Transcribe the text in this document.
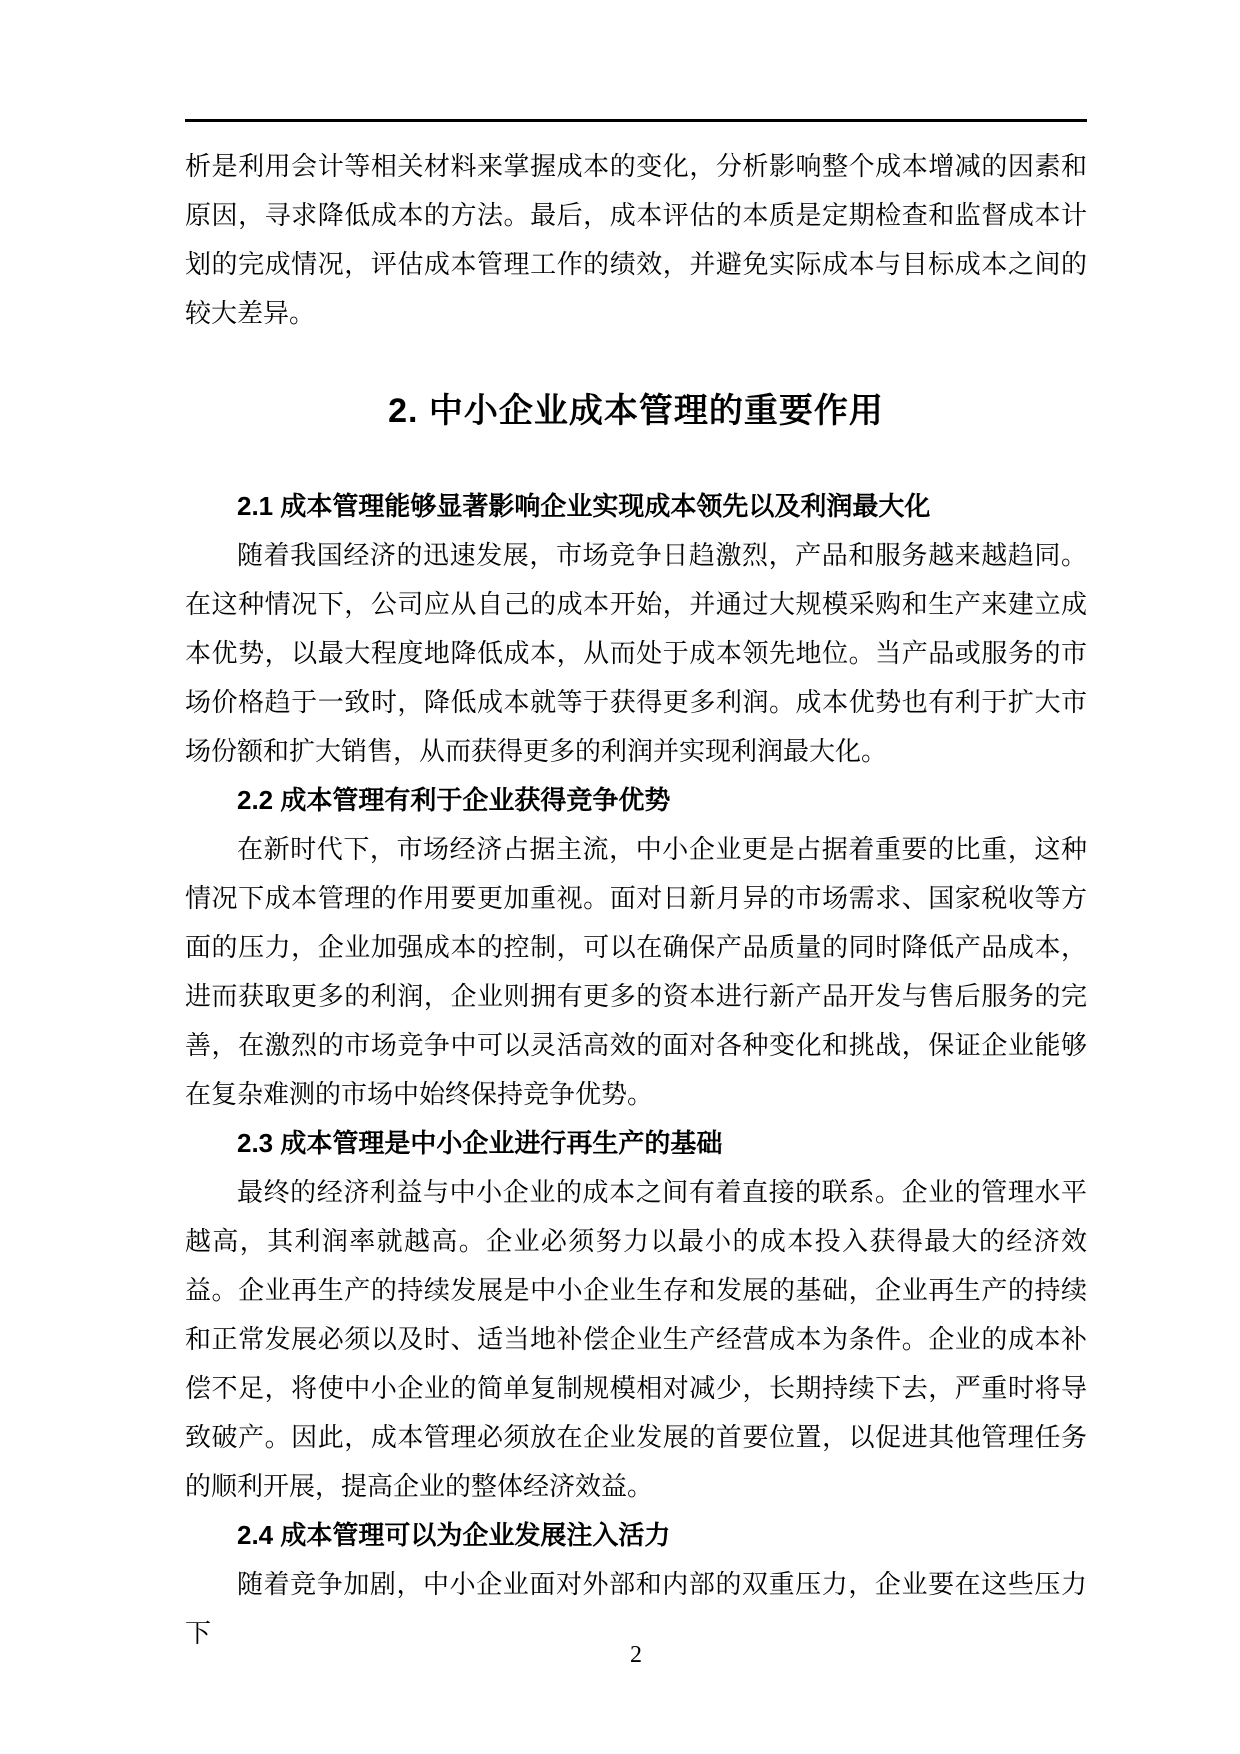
析是利用会计等相关材料来掌握成本的变化，分析影响整个成本增减的因素和原因，寻求降低成本的方法。最后，成本评估的本质是定期检查和监督成本计划的完成情况，评估成本管理工作的绩效，并避免实际成本与目标成本之间的较大差异。

2. 中小企业成本管理的重要作用
2.1 成本管理能够显著影响企业实现成本领先以及利润最大化

随着我国经济的迅速发展，市场竞争日趋激烈，产品和服务越来越趋同。在这种情况下，公司应从自己的成本开始，并通过大规模采购和生产来建立成本优势，以最大程度地降低成本，从而处于成本领先地位。当产品或服务的市场价格趋于一致时，降低成本就等于获得更多利润。成本优势也有利于扩大市场份额和扩大销售，从而获得更多的利润并实现利润最大化。

2.2 成本管理有利于企业获得竞争优势

在新时代下，市场经济占据主流，中小企业更是占据着重要的比重，这种情况下成本管理的作用要更加重视。面对日新月异的市场需求、国家税收等方面的压力，企业加强成本的控制，可以在确保产品质量的同时降低产品成本，进而获取更多的利润，企业则拥有更多的资本进行新产品开发与售后服务的完善，在激烈的市场竞争中可以灵活高效的面对各种变化和挑战，保证企业能够在复杂难测的市场中始终保持竞争优势。

2.3 成本管理是中小企业进行再生产的基础

最终的经济利益与中小企业的成本之间有着直接的联系。企业的管理水平越高，其利润率就越高。企业必须努力以最小的成本投入获得最大的经济效益。企业再生产的持续发展是中小企业生存和发展的基础，企业再生产的持续和正常发展必须以及时、适当地补偿企业生产经营成本为条件。企业的成本补偿不足，将使中小企业的简单复制规模相对减少，长期持续下去，严重时将导致破产。因此，成本管理必须放在企业发展的首要位置，以促进其他管理任务的顺利开展，提高企业的整体经济效益。

2.4 成本管理可以为企业发展注入活力

随着竞争加剧，中小企业面对外部和内部的双重压力，企业要在这些压力下

2
